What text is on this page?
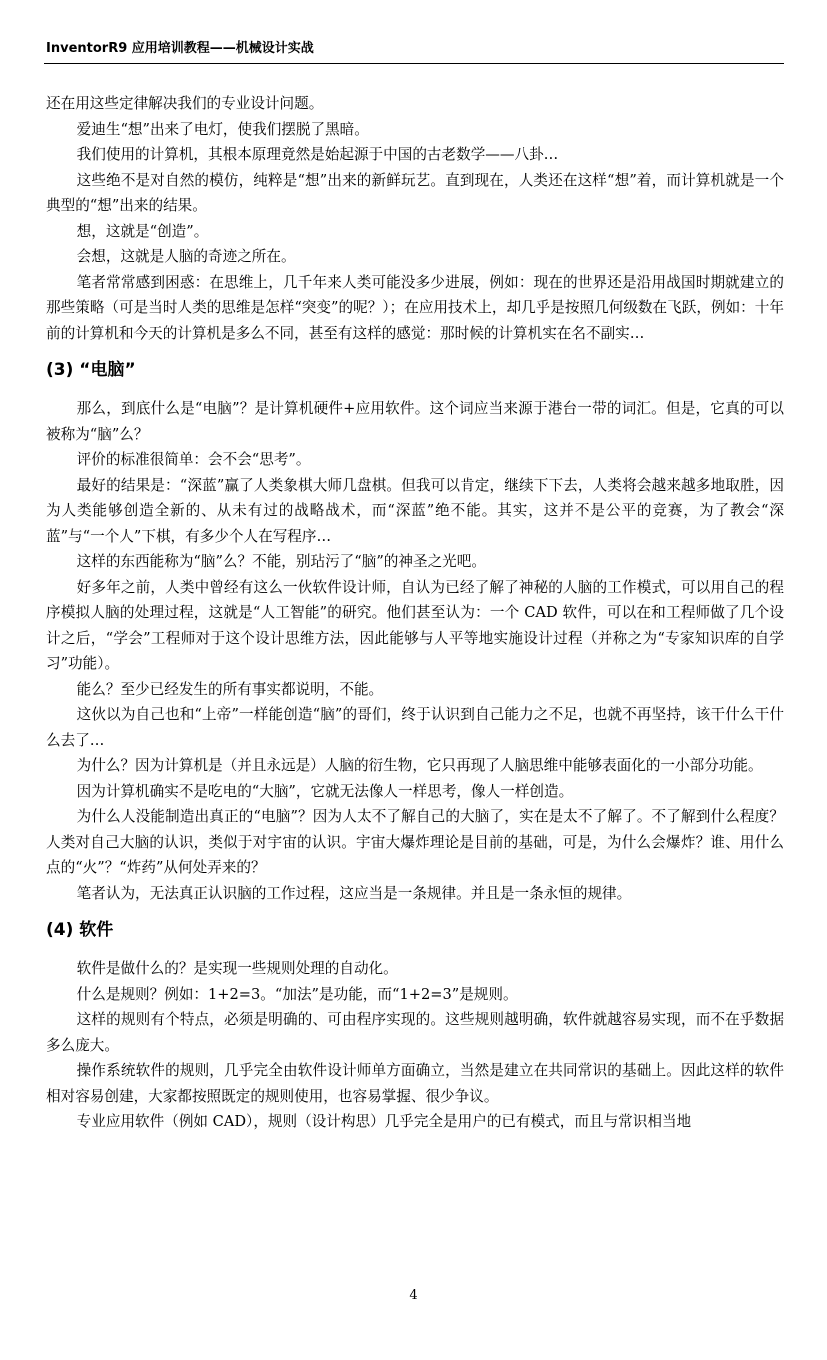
InventorR9 应用培训教程——机械设计实战

还在用这些定律解决我们的专业设计问题。

爱迪生“想”出来了电灯，使我们摆脱了黑暗。

我们使用的计算机，其根本原理竟然是始起源于中国的古老数学——八卦…

这些绝不是对自然的模仿，纯粹是“想”出来的新鲜玩艺。直到现在，人类还在这样“想”着，而计算机就是一个典型的“想”出来的结果。

想，这就是“创造”。

会想，这就是人脑的奇迹之所在。

笔者常常感到困惑：在思维上，几千年来人类可能没多少进展，例如：现在的世界还是沿用战国时期就建立的那些策略（可是当时人类的思维是怎样“突变”的呢？）；在应用技术上，却几乎是按照几何级数在飞跃，例如：十年前的计算机和今天的计算机是多么不同，甚至有这样的感觉：那时候的计算机实在名不副实…

(3) “电脑”

那么，到底什么是“电脑”？是计算机硬件+应用软件。这个词应当来源于港台一带的词汇。但是，它真的可以被称为“脑”么？

评价的标准很简单：会不会“思考”。

最好的结果是：“深蓝”赢了人类象棋大师几盘棋。但我可以肯定，继续下下去，人类将会越来越多地取胜，因为人类能够创造全新的、从未有过的战略战术，而“深蓝”绝不能。其实，这并不是公平的竞赛，为了教会“深蓝”与“一个人”下棋，有多少个人在写程序…

这样的东西能称为“脑”么？不能，别玷污了“脑”的神圣之光吧。

好多年之前，人类中曾经有这么一伙软件设计师，自认为已经了解了神秘的人脑的工作模式，可以用自己的程序模拟人脑的处理过程，这就是“人工智能”的研究。他们甚至认为：一个 CAD 软件，可以在和工程师做了几个设计之后，“学会”工程师对于这个设计思维方法，因此能够与人平等地实施设计过程（并称之为“专家知识库的自学习”功能）。

能么？至少已经发生的所有事实都说明，不能。

这伙以为自己也和“上帝”一样能创造“脑”的哥们，终于认识到自己能力之不足，也就不再坚持，该干什么干什么去了…

为什么？因为计算机是（并且永远是）人脑的衍生物，它只再现了人脑思维中能够表面化的一小部分功能。

因为计算机确实不是吃电的“大脑”，它就无法像人一样思考，像人一样创造。

为什么人没能制造出真正的“电脑”？因为人太不了解自己的大脑了，实在是太不了解了。不了解到什么程度？人类对自己大脑的认识，类似于对宇宙的认识。宇宙大爆炸理论是目前的基础，可是，为什么会爆炸？谁、用什么点的“火”？“炸药”从何处弄来的？

笔者认为，无法真正认识脑的工作过程，这应当是一条规律。并且是一条永恒的规律。

(4) 软件

软件是做什么的？是实现一些规则处理的自动化。

什么是规则？例如：1+2=3。“加法”是功能，而“1+2=3”是规则。

这样的规则有个特点，必须是明确的、可由程序实现的。这些规则越明确，软件就越容易实现，而不在乎数据多么庞大。

操作系统软件的规则，几乎完全由软件设计师单方面确立，当然是建立在共同常识的基础上。因此这样的软件相对容易创建，大家都按照既定的规则使用，也容易掌握、很少争议。

专业应用软件（例如 CAD），规则（设计构思）几乎完全是用户的已有模式，而且与常识相当地

4
